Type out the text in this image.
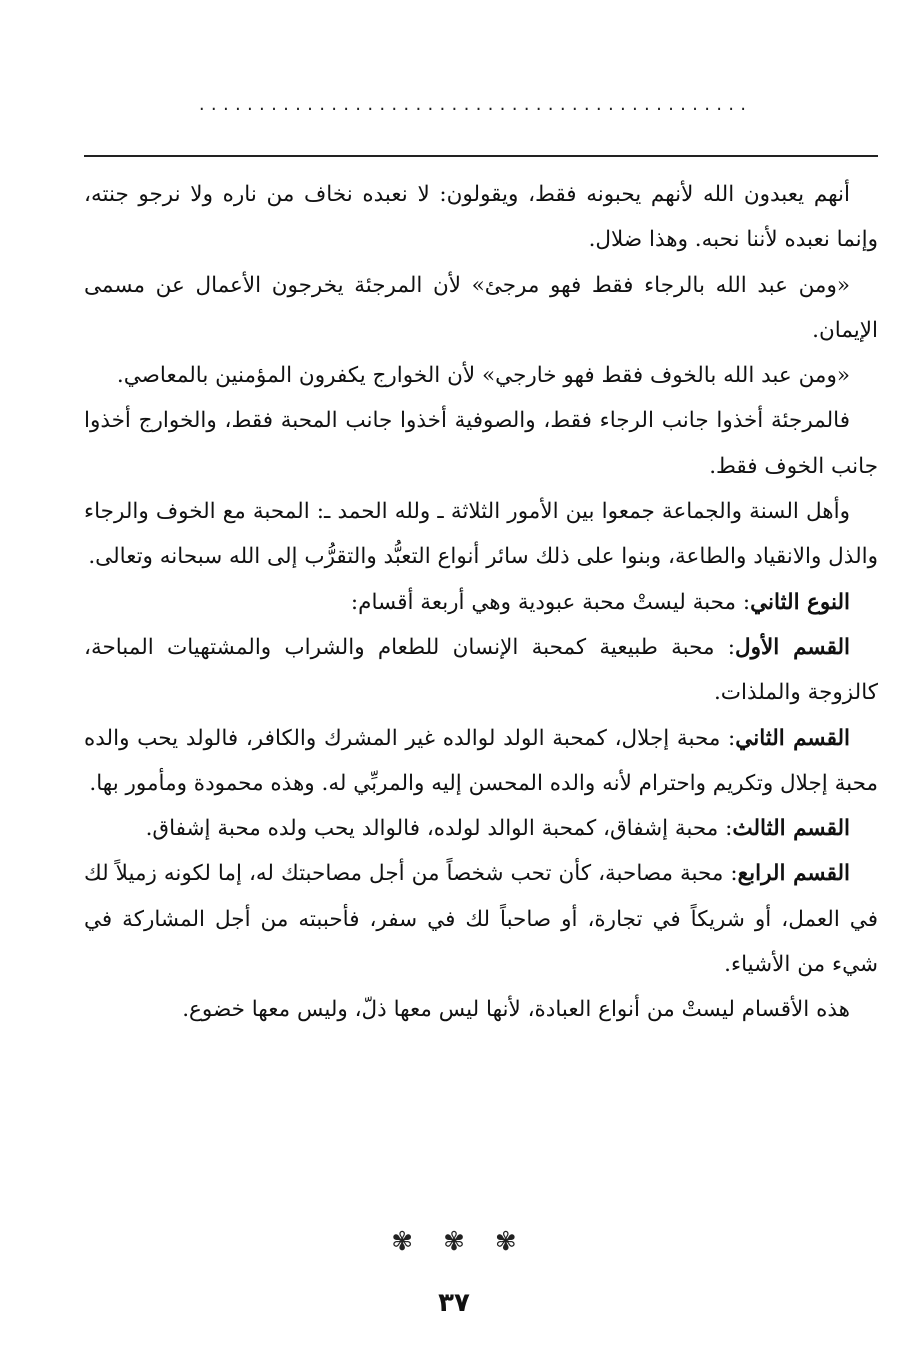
..............................................

أنهم يعبدون الله لأنهم يحبونه فقط، ويقولون: لا نعبده نخاف من ناره ولا نرجو جنته، وإنما نعبده لأننا نحبه. وهذا ضلال.

«ومن عبد الله بالرجاء فقط فهو مرجئ» لأن المرجئة يخرجون الأعمال عن مسمى الإيمان.

«ومن عبد الله بالخوف فقط فهو خارجي» لأن الخوارج يكفرون المؤمنين بالمعاصي.

فالمرجئة أخذوا جانب الرجاء فقط، والصوفية أخذوا جانب المحبة فقط، والخوارج أخذوا جانب الخوف فقط.

وأهل السنة والجماعة جمعوا بين الأمور الثلاثة ـ ولله الحمد ـ: المحبة مع الخوف والرجاء والذل والانقياد والطاعة، وبنوا على ذلك سائر أنواع التعبُّد والتقرُّب إلى الله سبحانه وتعالى.

النوع الثاني: محبة ليستْ محبة عبودية وهي أربعة أقسام:

القسم الأول: محبة طبيعية كمحبة الإنسان للطعام والشراب والمشتهيات المباحة، كالزوجة والملذات.

القسم الثاني: محبة إجلال، كمحبة الولد لوالده غير المشرك والكافر، فالولد يحب والده محبة إجلال وتكريم واحترام لأنه والده المحسن إليه والمربِّي له. وهذه محمودة ومأمور بها.

القسم الثالث: محبة إشفاق، كمحبة الوالد لولده، فالوالد يحب ولده محبة إشفاق.

القسم الرابع: محبة مصاحبة، كأن تحب شخصاً من أجل مصاحبتك له، إما لكونه زميلاً لك في العمل، أو شريكاً في تجارة، أو صاحباً لك في سفر، فأحببته من أجل المشاركة في شيء من الأشياء.

هذه الأقسام ليستْ من أنواع العبادة، لأنها ليس معها ذلّ، وليس معها خضوع.

✾ ✾ ✾
٣٧
